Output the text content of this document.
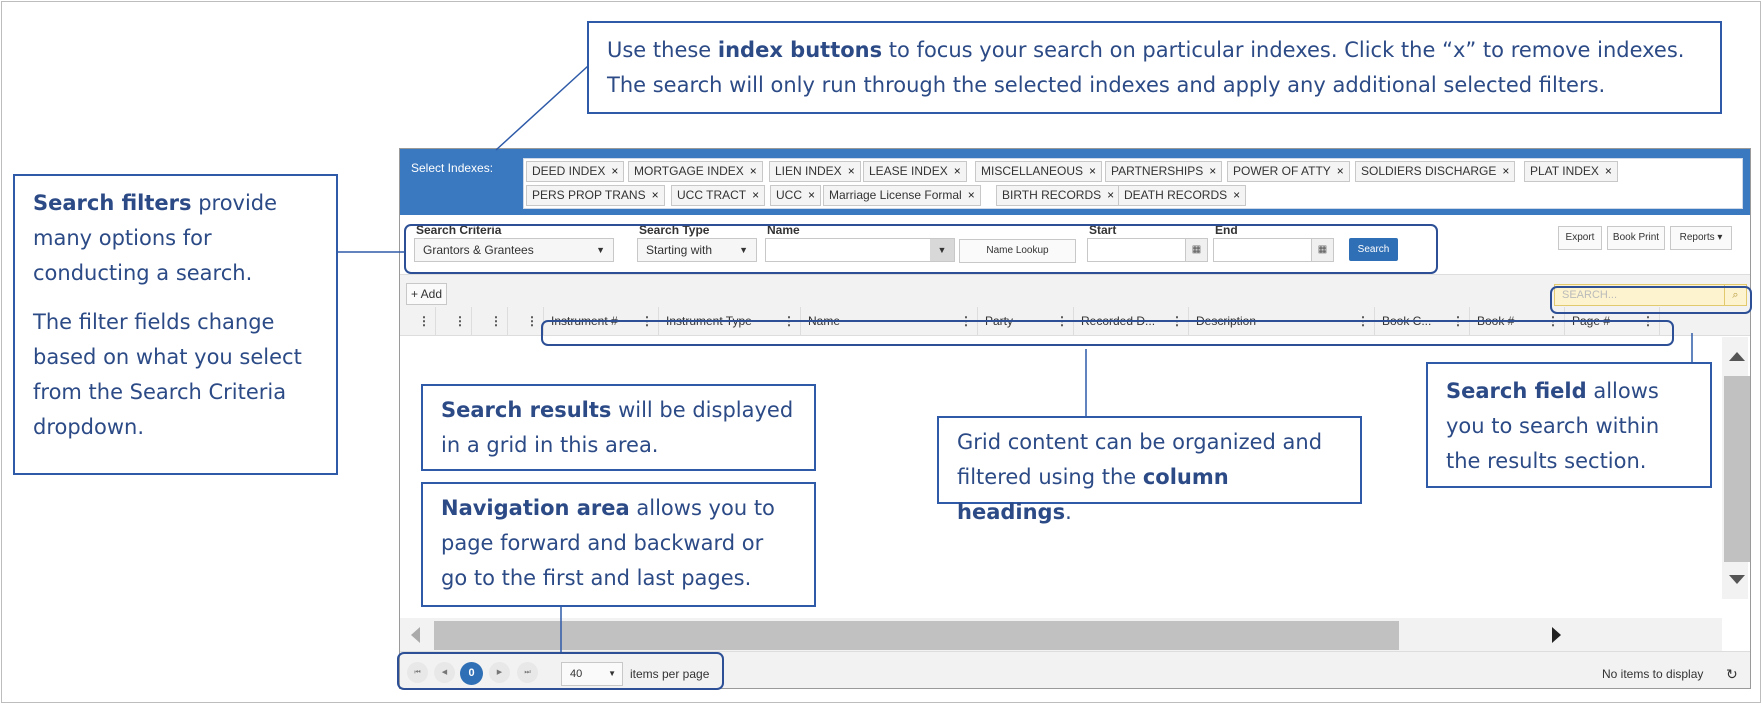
Use these index buttons to focus your search on particular indexes. Click the “x” to remove indexes.

The search will only run through the selected indexes and apply any additional selected filters.

Search filters provide many options for conducting a search.

The filter fields change based on what you select from the Search Criteria dropdown.

Select Indexes:	DEED INDEX ×	MORTGAGE INDEX ×	LIEN INDEX ×	LEASE INDEX ×	MISCELLANEOUS ×	PARTNERSHIPS ×	POWER OF ATTY ×	SOLDIERS DISCHARGE ×	PLAT INDEX ×
PERS PROP TRANS ×	UCC TRACT ×	UCC ×	Marriage License Formal ×	BIRTH RECORDS × DEATH RECORDS ×
Search Criteria
Grantors & Grantees	▼
Search Type
Starting with	▼
Name
▼	Name Lookup
Start
▦
End
▦	Search
Export	Book Print	Reports ▾
+ Add	SEARCH...	⌕
⋮ ⋮ ⋮ ⋮	Instrument # ⋮	Instrument Type	⋮	Name	⋮	Party	⋮	Recorded D... ⋮	Description	⋮	Book C... ⋮	Book #	⋮	Page #	⋮
⏮	◀	0	▶	⏭	40	▼ items per page	No items to display ↻

Search results will be displayed in a grid in this area.

Navigation area allows you to page forward and backward or go to the first and last pages.

Grid content can be organized and filtered using the column headings.

Search field allows you to search within the results section.
